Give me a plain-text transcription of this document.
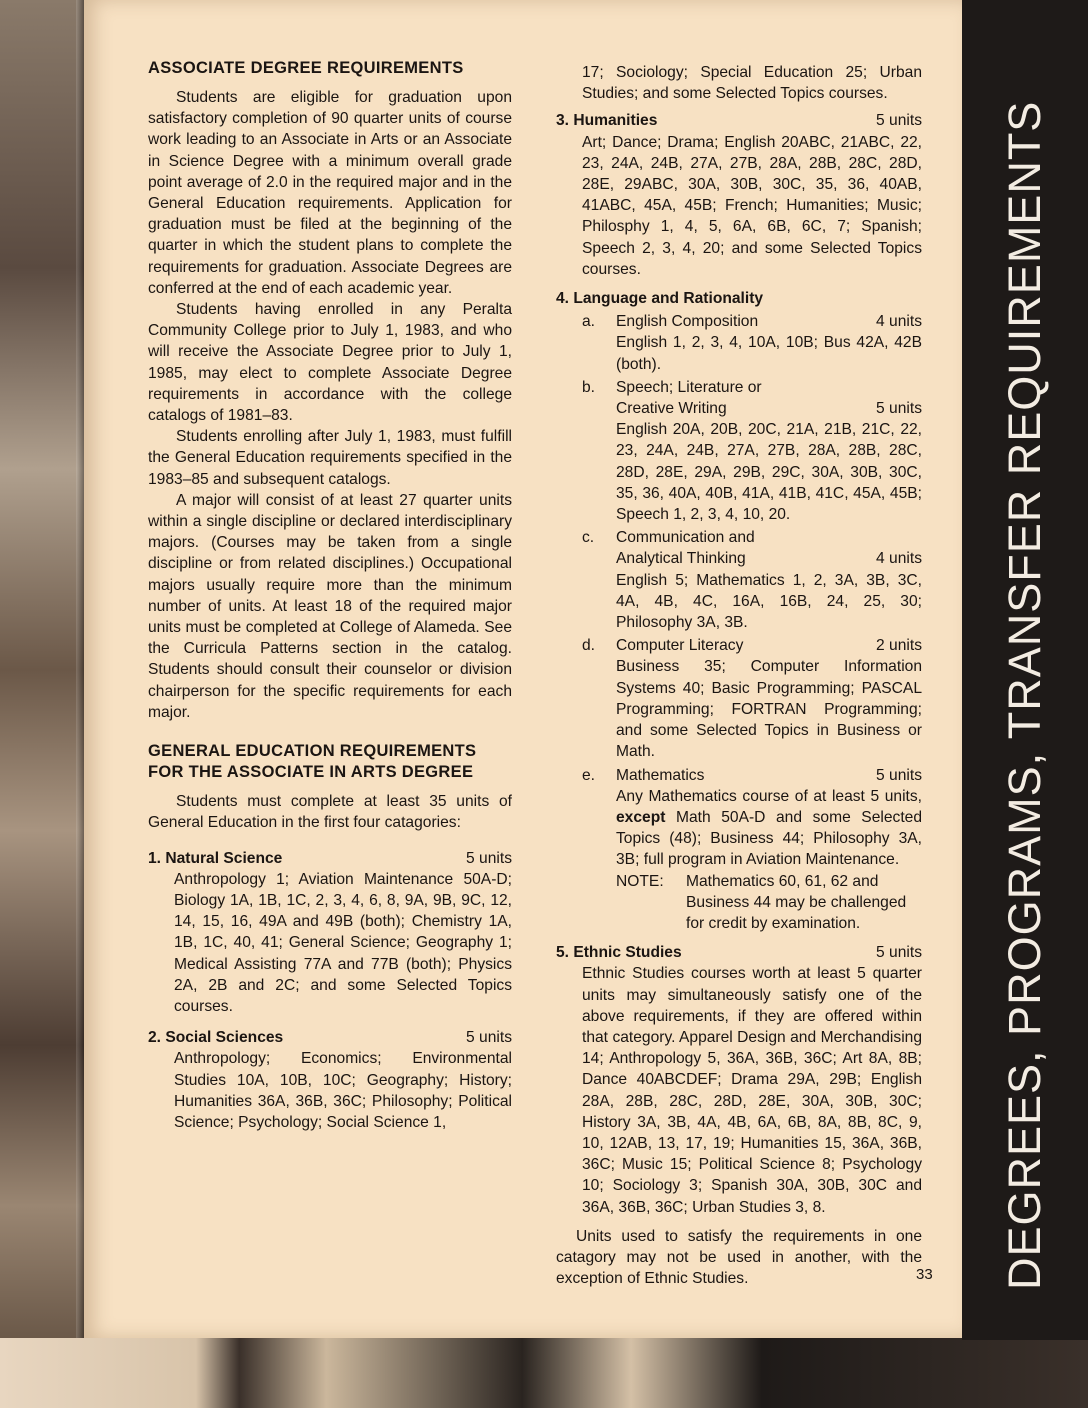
DEGREES, PROGRAMS, TRANSFER REQUIREMENTS
33
ASSOCIATE DEGREE REQUIREMENTS

Students are eligible for graduation upon satisfactory completion of 90 quarter units of course work leading to an Associate in Arts or an Associate in Science Degree with a minimum overall grade point average of 2.0 in the required major and in the General Education requirements. Application for graduation must be filed at the beginning of the quarter in which the student plans to complete the requirements for graduation. Associate Degrees are conferred at the end of each academic year.

Students having enrolled in any Peralta Community College prior to July 1, 1983, and who will receive the Associate Degree prior to July 1, 1985, may elect to complete Associate Degree requirements in accordance with the college catalogs of 1981–83.

Students enrolling after July 1, 1983, must fulfill the General Education requirements specified in the 1983–85 and subsequent catalogs.

A major will consist of at least 27 quarter units within a single discipline or declared interdisciplinary majors. (Courses may be taken from a single discipline or from related disciplines.) Occupational majors usually require more than the minimum number of units. At least 18 of the required major units must be completed at College of Alameda. See the Curricula Patterns section in the catalog. Students should consult their counselor or division chairperson for the specific requirements for each major.

GENERAL EDUCATION REQUIREMENTS FOR THE ASSOCIATE IN ARTS DEGREE

Students must complete at least 35 units of General Education in the first four catagories:

1. Natural Science	5 units

Anthropology 1; Aviation Maintenance 50A-D; Biology 1A, 1B, 1C, 2, 3, 4, 6, 8, 9A, 9B, 9C, 12, 14, 15, 16, 49A and 49B (both); Chemistry 1A, 1B, 1C, 40, 41; General Science; Geography 1; Medical Assisting 77A and 77B (both); Physics 2A, 2B and 2C; and some Selected Topics courses.

2. Social Sciences	5 units

Anthropology; Economics; Environmental Studies 10A, 10B, 10C; Geography; History; Humanities 36A, 36B, 36C; Philosophy; Political Science; Psychology; Social Science 1,

17; Sociology; Special Education 25; Urban Studies; and some Selected Topics courses.

3. Humanities	5 units

Art; Dance; Drama; English 20ABC, 21ABC, 22, 23, 24A, 24B, 27A, 27B, 28A, 28B, 28C, 28D, 28E, 29ABC, 30A, 30B, 30C, 35, 36, 40AB, 41ABC, 45A, 45B; French; Humanities; Music; Philosphy 1, 4, 5, 6A, 6B, 6C, 7; Spanish; Speech 2, 3, 4, 20; and some Selected Topics courses.

4. Language and Rationality
a.	English Composition	4 units

English 1, 2, 3, 4, 10A, 10B; Bus 42A, 42B (both).

b.	Speech; Literature or
Creative Writing	5 units

English 20A, 20B, 20C, 21A, 21B, 21C, 22, 23, 24A, 24B, 27A, 27B, 28A, 28B, 28C, 28D, 28E, 29A, 29B, 29C, 30A, 30B, 30C, 35, 36, 40A, 40B, 41A, 41B, 41C, 45A, 45B; Speech 1, 2, 3, 4, 10, 20.

c.	Communication and
Analytical Thinking	4 units

English 5; Mathematics 1, 2, 3A, 3B, 3C, 4A, 4B, 4C, 16A, 16B, 24, 25, 30; Philosophy 3A, 3B.

d.	Computer Literacy	2 units

Business 35; Computer Information Systems 40; Basic Programming; PASCAL Programming; FORTRAN Programming; and some Selected Topics in Business or Math.

e.	Mathematics	5 units

Any Mathematics course of at least 5 units, except Math 50A-D and some Selected Topics (48); Business 44; Philosophy 3A, 3B; full program in Aviation Maintenance.

NOTE:	Mathematics 60, 61, 62 and Business 44 may be challenged for credit by examination.
5. Ethnic Studies	5 units

Ethnic Studies courses worth at least 5 quarter units may simultaneously satisfy one of the above requirements, if they are offered within that category. Apparel Design and Merchandising 14; Anthropology 5, 36A, 36B, 36C; Art 8A, 8B; Dance 40ABCDEF; Drama 29A, 29B; English 28A, 28B, 28C, 28D, 28E, 30A, 30B, 30C; History 3A, 3B, 4A, 4B, 6A, 6B, 8A, 8B, 8C, 9, 10, 12AB, 13, 17, 19; Humanities 15, 36A, 36B, 36C; Music 15; Political Science 8; Psychology 10; Sociology 3; Spanish 30A, 30B, 30C and 36A, 36B, 36C; Urban Studies 3, 8.

Units used to satisfy the requirements in one catagory may not be used in another, with the exception of Ethnic Studies.
